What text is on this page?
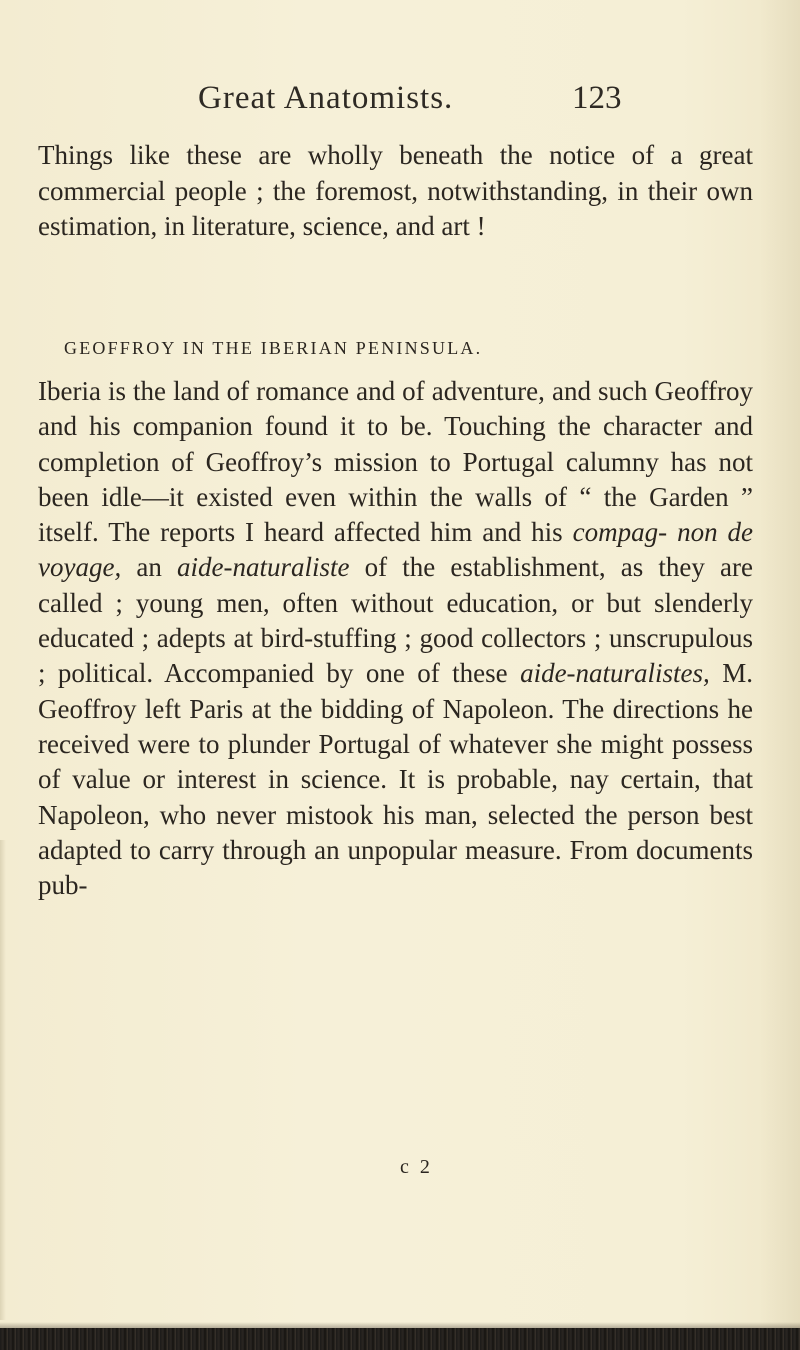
Great Anatomists.	123

Things like these are wholly beneath the notice of a great commercial people ; the foremost, notwithstanding, in their own estimation, in literature, science, and art !

GEOFFROY IN THE IBERIAN PENINSULA.

Iberia is the land of romance and of adventure, and such Geoffroy and his companion found it to be. Touching the character and completion of Geoffroy’s mission to Portugal calumny has not been idle—it existed even within the walls of “ the Garden ” itself. The reports I heard affected him and his compag- non de voyage, an aide-naturaliste of the establishment, as they are called ; young men, often without education, or but slenderly educated ; adepts at bird-stuffing ; good collectors ; unscrupulous ; political. Accompanied by one of these aide-naturalistes, M. Geoffroy left Paris at the bidding of Napoleon. The directions he received were to plunder Portugal of whatever she might possess of value or interest in science. It is probable, nay certain, that Napoleon, who never mistook his man, selected the person best adapted to carry through an unpopular measure. From documents pub-

c 2
